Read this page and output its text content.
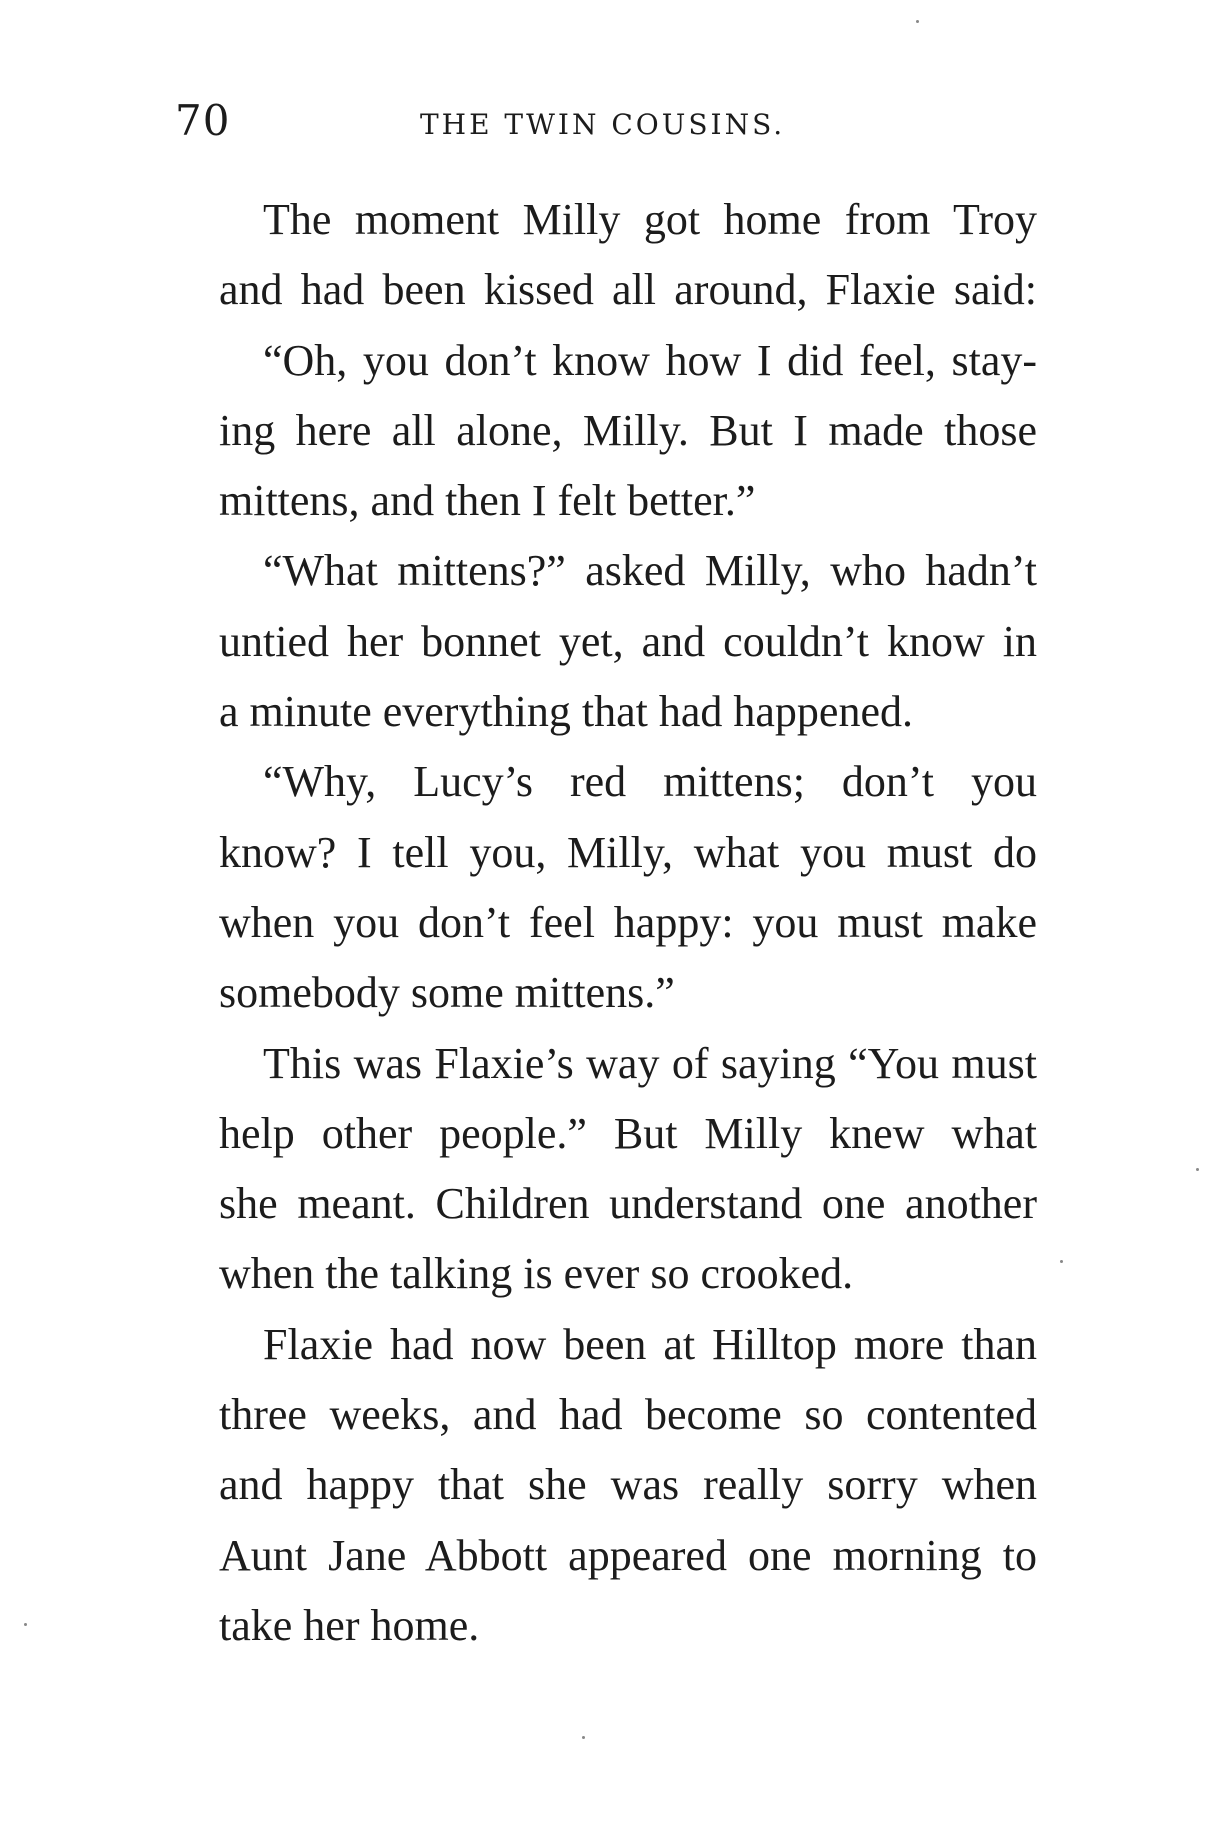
70	THE TWIN COUSINS.
The moment Milly got home from Troy
and had been kissed all around, Flaxie said:
“Oh, you don’t know how I did feel, stay-
ing here all alone, Milly. But I made those
mittens, and then I felt better.”
“What mittens?” asked Milly, who hadn’t
untied her bonnet yet, and couldn’t know in
a minute everything that had happened.
“Why, Lucy’s red mittens; don’t you
know? I tell you, Milly, what you must do
when you don’t feel happy: you must make
somebody some mittens.”
This was Flaxie’s way of saying “You must
help other people.” But Milly knew what
she meant. Children understand one another
when the talking is ever so crooked.
Flaxie had now been at Hilltop more than
three weeks, and had become so contented
and happy that she was really sorry when
Aunt Jane Abbott appeared one morning to
take her home.
